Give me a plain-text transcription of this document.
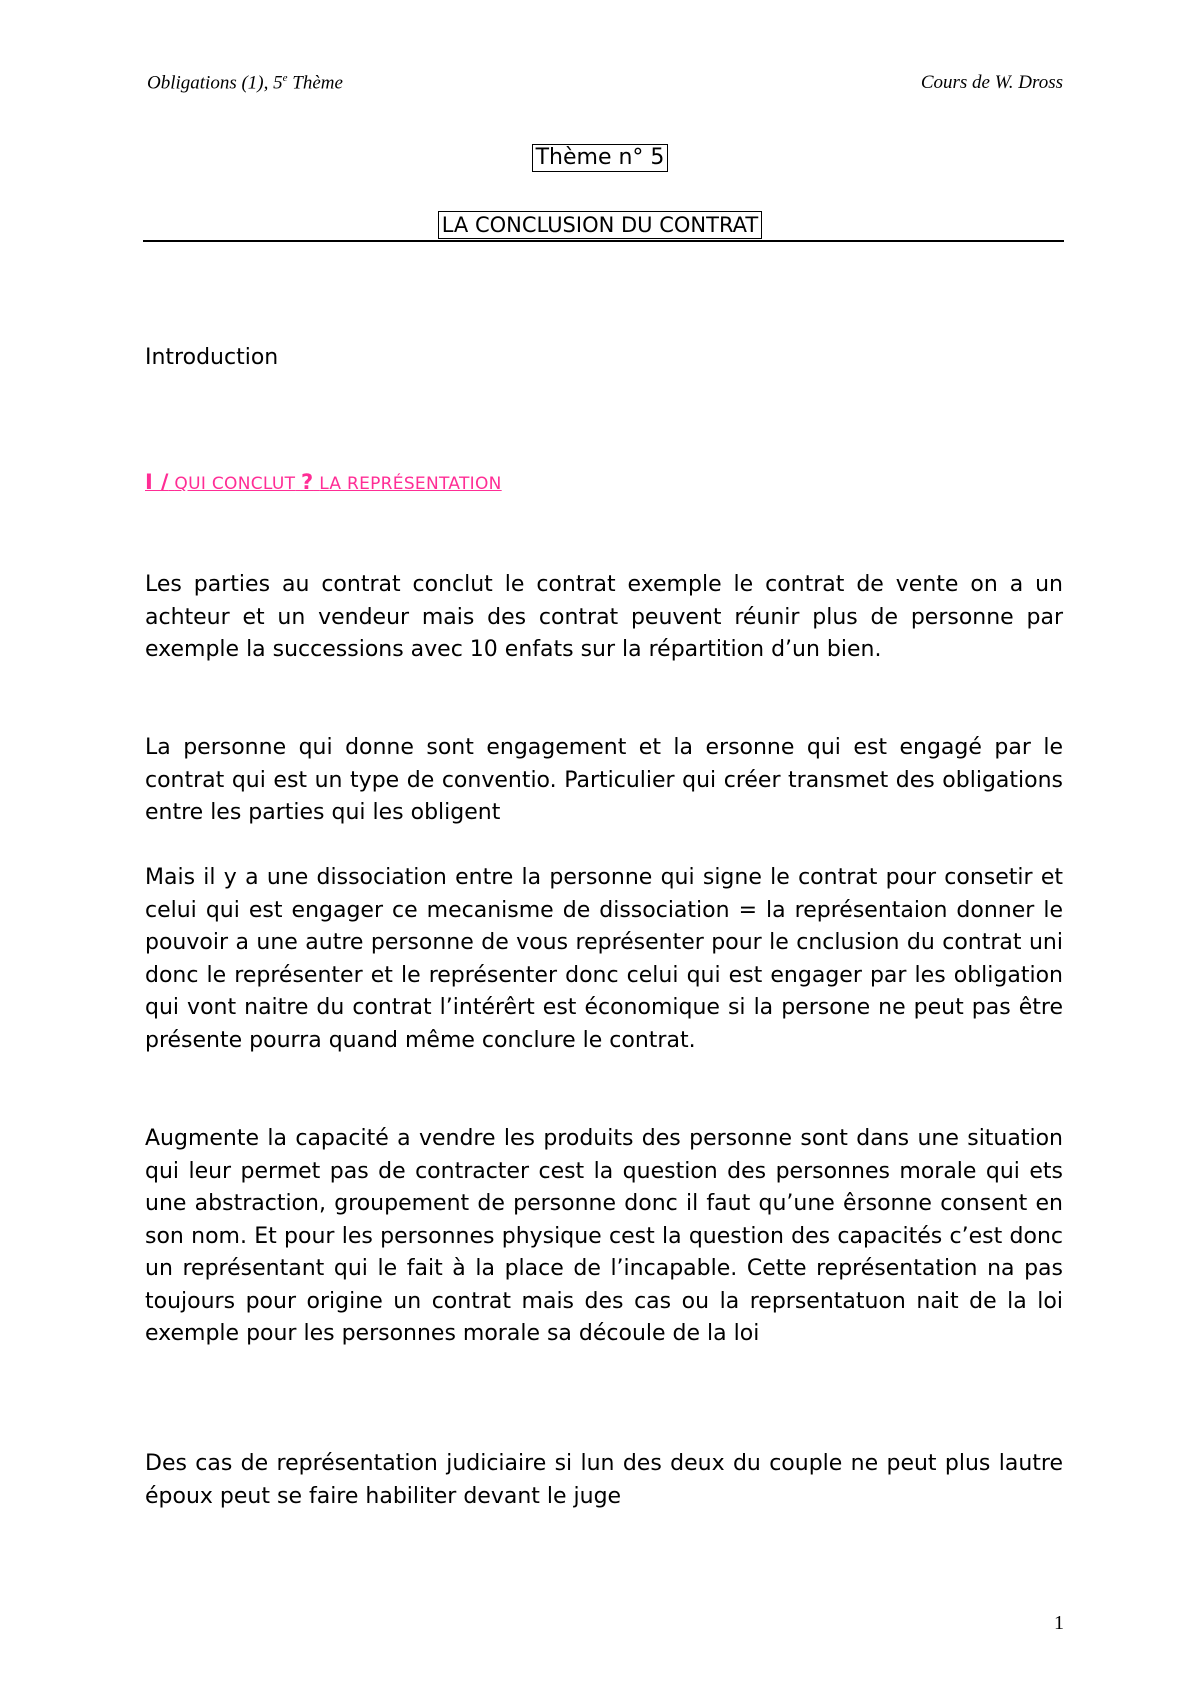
Obligations (1), 5e Thème	Cours de W. Dross
Thème n° 5
LA CONCLUSION DU CONTRAT
Introduction
I / QUI CONCLUT ? LA REPRÉSENTATION

Les parties au contrat conclut le contrat exemple le contrat de vente on a un achteur et un vendeur mais des contrat peuvent réunir plus de personne par exemple la successions avec 10 enfats sur la répartition d’un bien.

La personne qui donne sont engagement et la ersonne qui est engagé par le contrat qui est un type de conventio. Particulier qui créer transmet des obligations entre les parties qui les obligent

Mais il y a une dissociation entre la personne qui signe le contrat pour consetir et celui qui est engager ce mecanisme de dissociation = la représentaion donner le pouvoir a une autre personne de vous représenter pour le cnclusion du contrat uni donc le représenter et le représenter donc celui qui est engager par les obligation qui vont naitre du contrat l’intérêrt est économique si la persone ne peut pas être présente pourra quand même conclure le contrat.

Augmente la capacité a vendre les produits des personne sont dans une situation qui leur permet pas de contracter cest la question des personnes morale qui ets une abstraction, groupement de personne donc il faut qu’une êrsonne consent en son nom. Et pour les personnes physique cest la question des capacités c’est donc un représentant qui le fait à la place de l’incapable. Cette représentation na pas toujours pour origine un contrat mais des cas ou la reprsentatuon nait de la loi exemple pour les personnes morale sa découle de la loi

Des cas de représentation judiciaire si lun des deux du couple ne peut plus lautre époux peut se faire habiliter devant le juge

1
